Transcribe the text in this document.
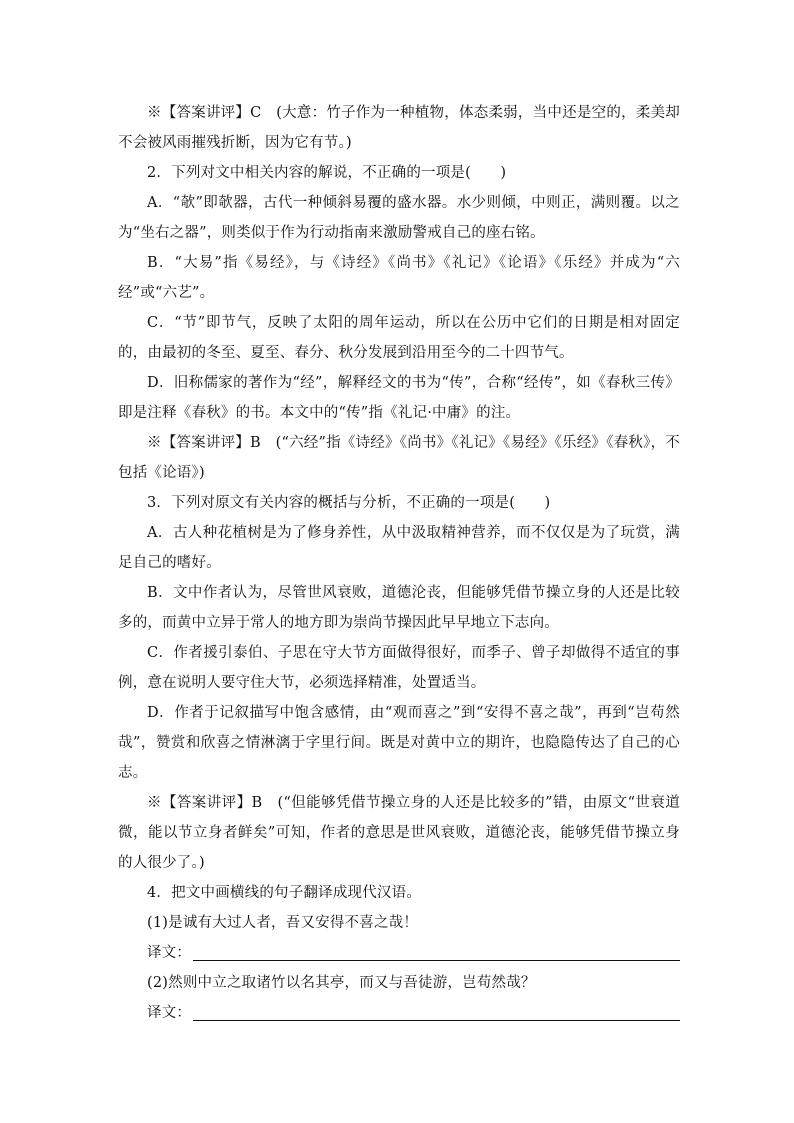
※【答案讲评】C　(大意：竹子作为一种植物，体态柔弱，当中还是空的，柔美却不会被风雨摧残折断，因为它有节。)

2．下列对文中相关内容的解说，不正确的一项是(　　)

A．“欹”即欹器，古代一种倾斜易覆的盛水器。水少则倾，中则正，满则覆。以之为“坐右之器”，则类似于作为行动指南来激励警戒自己的座右铭。

B．“大易”指《易经》，与《诗经》《尚书》《礼记》《论语》《乐经》并成为“六经”或“六艺”。

C．“节”即节气，反映了太阳的周年运动，所以在公历中它们的日期是相对固定的，由最初的冬至、夏至、春分、秋分发展到沿用至今的二十四节气。

D．旧称儒家的著作为“经”，解释经文的书为“传”，合称“经传”，如《春秋三传》即是注释《春秋》的书。本文中的“传”指《礼记·中庸》的注。

※【答案讲评】B　(“六经”指《诗经》《尚书》《礼记》《易经》《乐经》《春秋》，不包括《论语》)

3．下列对原文有关内容的概括与分析，不正确的一项是(　　)

A．古人种花植树是为了修身养性，从中汲取精神营养，而不仅仅是为了玩赏，满足自己的嗜好。

B．文中作者认为，尽管世风衰败，道德沦丧，但能够凭借节操立身的人还是比较多的，而黄中立异于常人的地方即为崇尚节操因此早早地立下志向。

C．作者援引泰伯、子思在守大节方面做得很好，而季子、曾子却做得不适宜的事例，意在说明人要守住大节，必须选择精准，处置适当。

D．作者于记叙描写中饱含感情，由“观而喜之”到“安得不喜之哉”，再到“岂苟然哉”，赞赏和欣喜之情淋漓于字里行间。既是对黄中立的期许，也隐隐传达了自己的心志。

※【答案讲评】B　(“但能够凭借节操立身的人还是比较多的”错，由原文“世衰道微，能以节立身者鲜矣”可知，作者的意思是世风衰败，道德沦丧，能够凭借节操立身的人很少了。)

4．把文中画横线的句子翻译成现代汉语。

(1)是诚有大过人者，吾又安得不喜之哉！

译文：

(2)然则中立之取诸竹以名其亭，而又与吾徒游，岂苟然哉？

译文：
